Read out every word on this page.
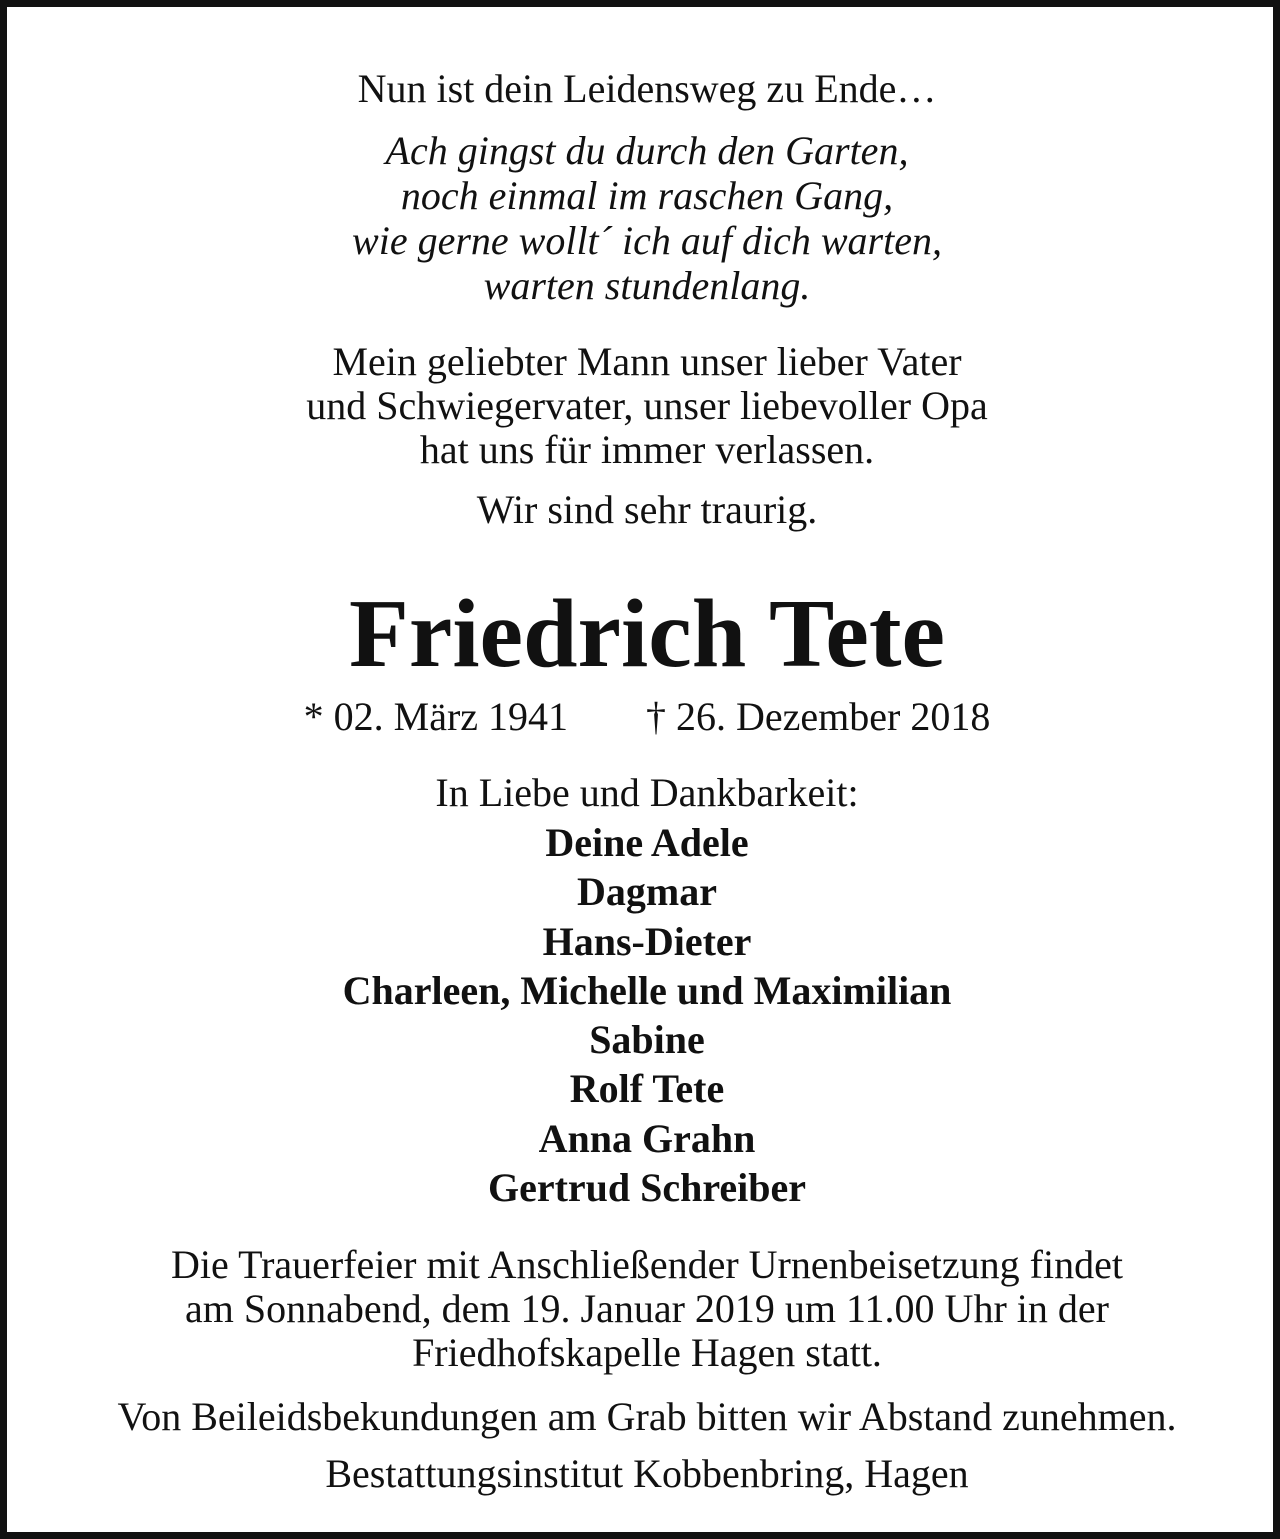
Nun ist dein Leidensweg zu Ende…
Ach gingst du durch den Garten,
noch einmal im raschen Gang,
wie gerne wollt´ ich auf dich warten,
warten stundenlang.
Mein geliebter Mann unser lieber Vater
und Schwiegervater, unser liebevoller Opa
hat uns für immer verlassen.
Wir sind sehr traurig.
Friedrich Tete
* 02. März 1941 † 26. Dezember 2018
In Liebe und Dankbarkeit:
Deine Adele
Dagmar
Hans-Dieter
Charleen, Michelle und Maximilian
Sabine
Rolf Tete
Anna Grahn
Gertrud Schreiber
Die Trauerfeier mit Anschließender Urnenbeisetzung findet
am Sonnabend, dem 19. Januar 2019 um 11.00 Uhr in der
Friedhofskapelle Hagen statt.
Von Beileidsbekundungen am Grab bitten wir Abstand zunehmen.
Bestattungsinstitut Kobbenbring, Hagen
